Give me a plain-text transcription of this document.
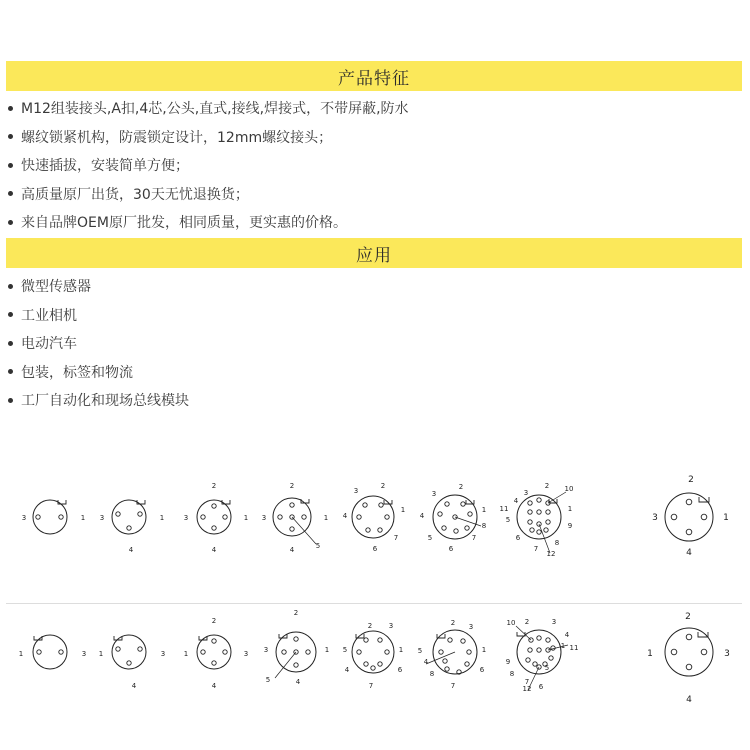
产品特征
M12组装接头,A扣,4芯,公头,直式,接线,焊接式，不带屏蔽,防水
螺纹锁紧机构，防震锁定设计，12mm螺纹接头；
快速插拔，安装简单方便；
高质量原厂出货，30天无忧退换货；
来自品牌OEM原厂批发，相同质量，更实惠的价格。
应用
微型传感器
工业相机
电动汽车
包装，标签和物流
工厂自动化和现场总线模块
3	1 3	1
4
2
3	1
4
2
3	1
4	5
3
2
1
4
6
7
3
2
1
4
8
5
6
7
4
3
2 10
11	1
5
9
6
7
8
12
2
3	1
4
1	3 1	3
4
2
1	3
4
2
3	1
5	4
2 3
1
4
7
6
5
2 3
1
4
8
7
6
5
10 2	3
4
1 11
9
8
7
5
6
12
2
1	3
4
